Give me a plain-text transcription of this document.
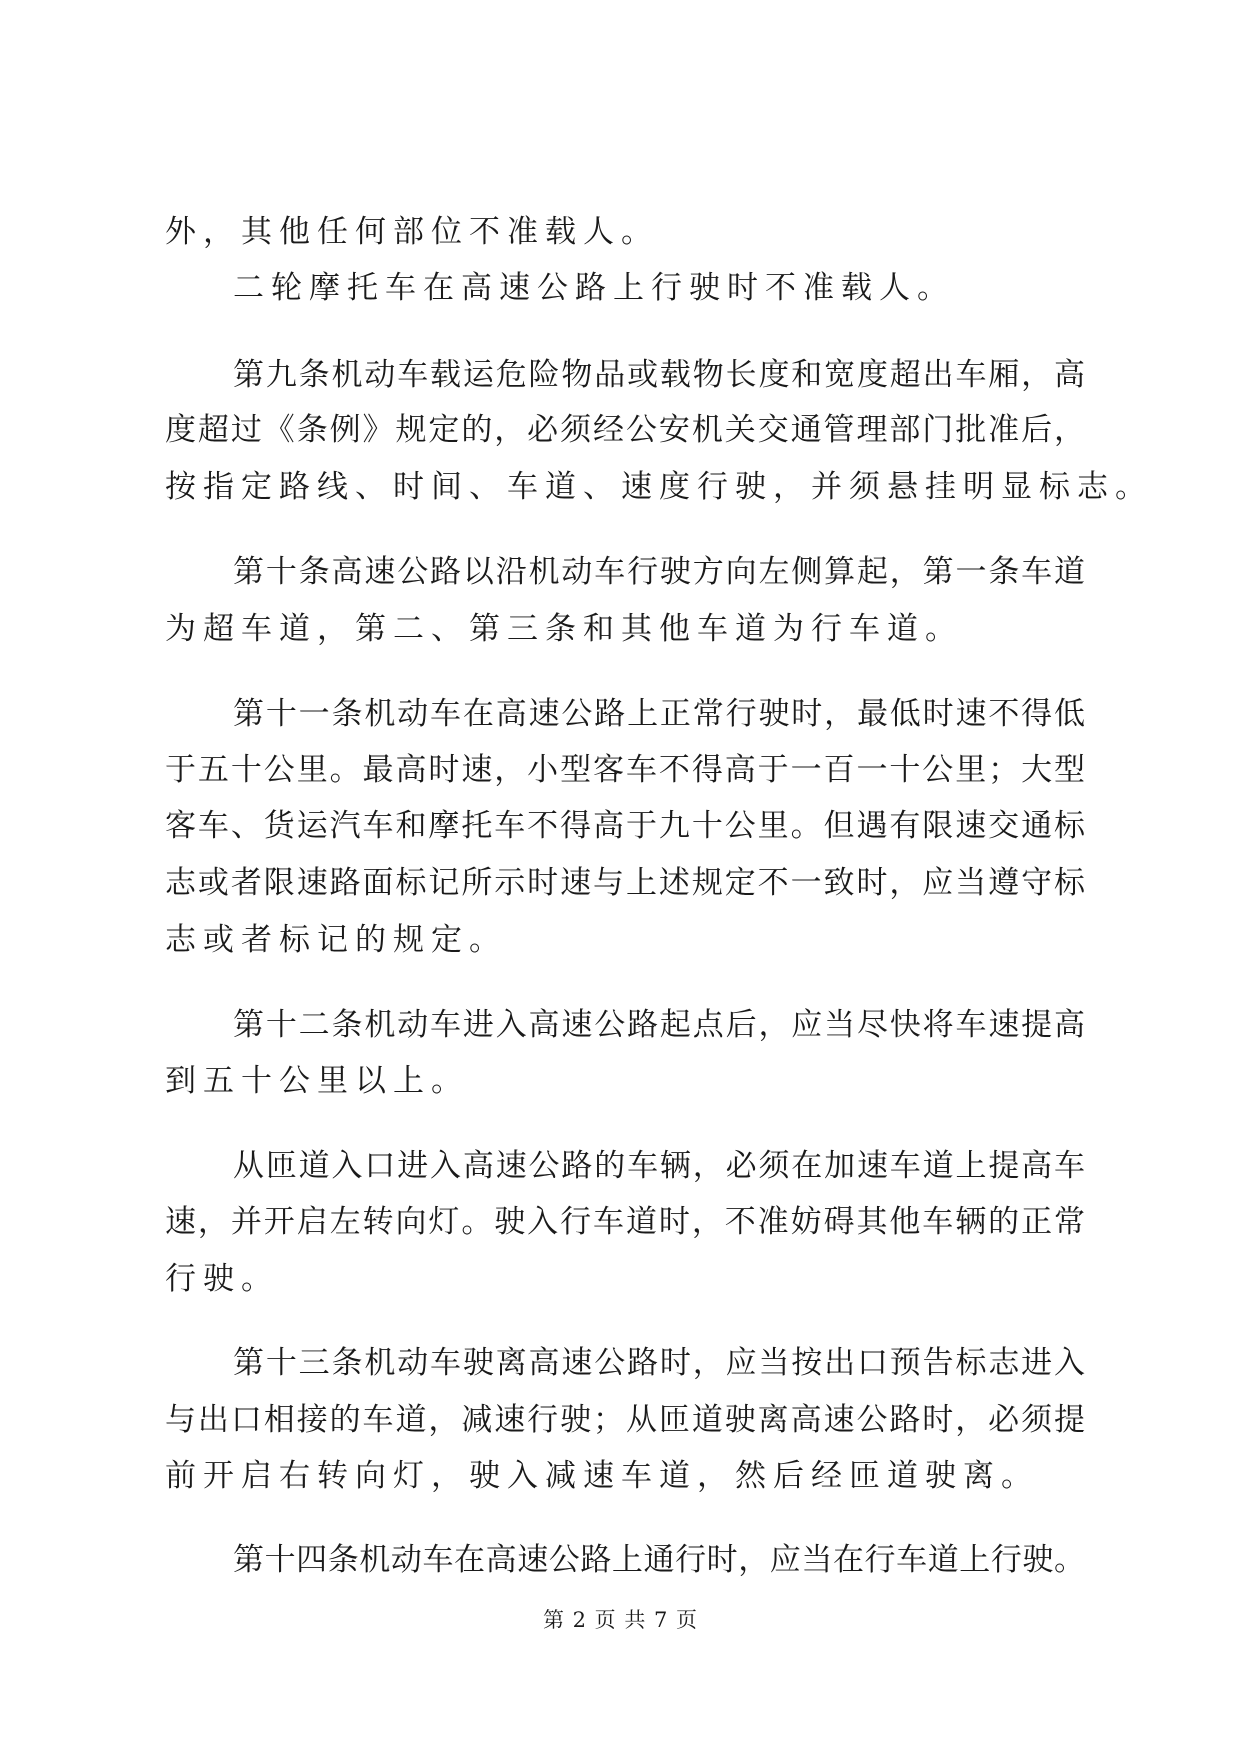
外，其他任何部位不准载人。
二轮摩托车在高速公路上行驶时不准载人。
第九条机动车载运危险物品或载物长度和宽度超出车厢，高
度超过《条例》规定的，必须经公安机关交通管理部门批准后，
按指定路线、时间、车道、速度行驶，并须悬挂明显标志。
第十条高速公路以沿机动车行驶方向左侧算起，第一条车道
为超车道，第二、第三条和其他车道为行车道。
第十一条机动车在高速公路上正常行驶时，最低时速不得低
于五十公里。最高时速，小型客车不得高于一百一十公里；大型
客车、货运汽车和摩托车不得高于九十公里。但遇有限速交通标
志或者限速路面标记所示时速与上述规定不一致时，应当遵守标
志或者标记的规定。
第十二条机动车进入高速公路起点后，应当尽快将车速提高
到五十公里以上。
从匝道入口进入高速公路的车辆，必须在加速车道上提高车
速，并开启左转向灯。驶入行车道时，不准妨碍其他车辆的正常
行驶。
第十三条机动车驶离高速公路时，应当按出口预告标志进入
与出口相接的车道，减速行驶；从匝道驶离高速公路时，必须提
前开启右转向灯，驶入减速车道，然后经匝道驶离。
第十四条机动车在高速公路上通行时，应当在行车道上行驶。
第 2 页 共 7 页
